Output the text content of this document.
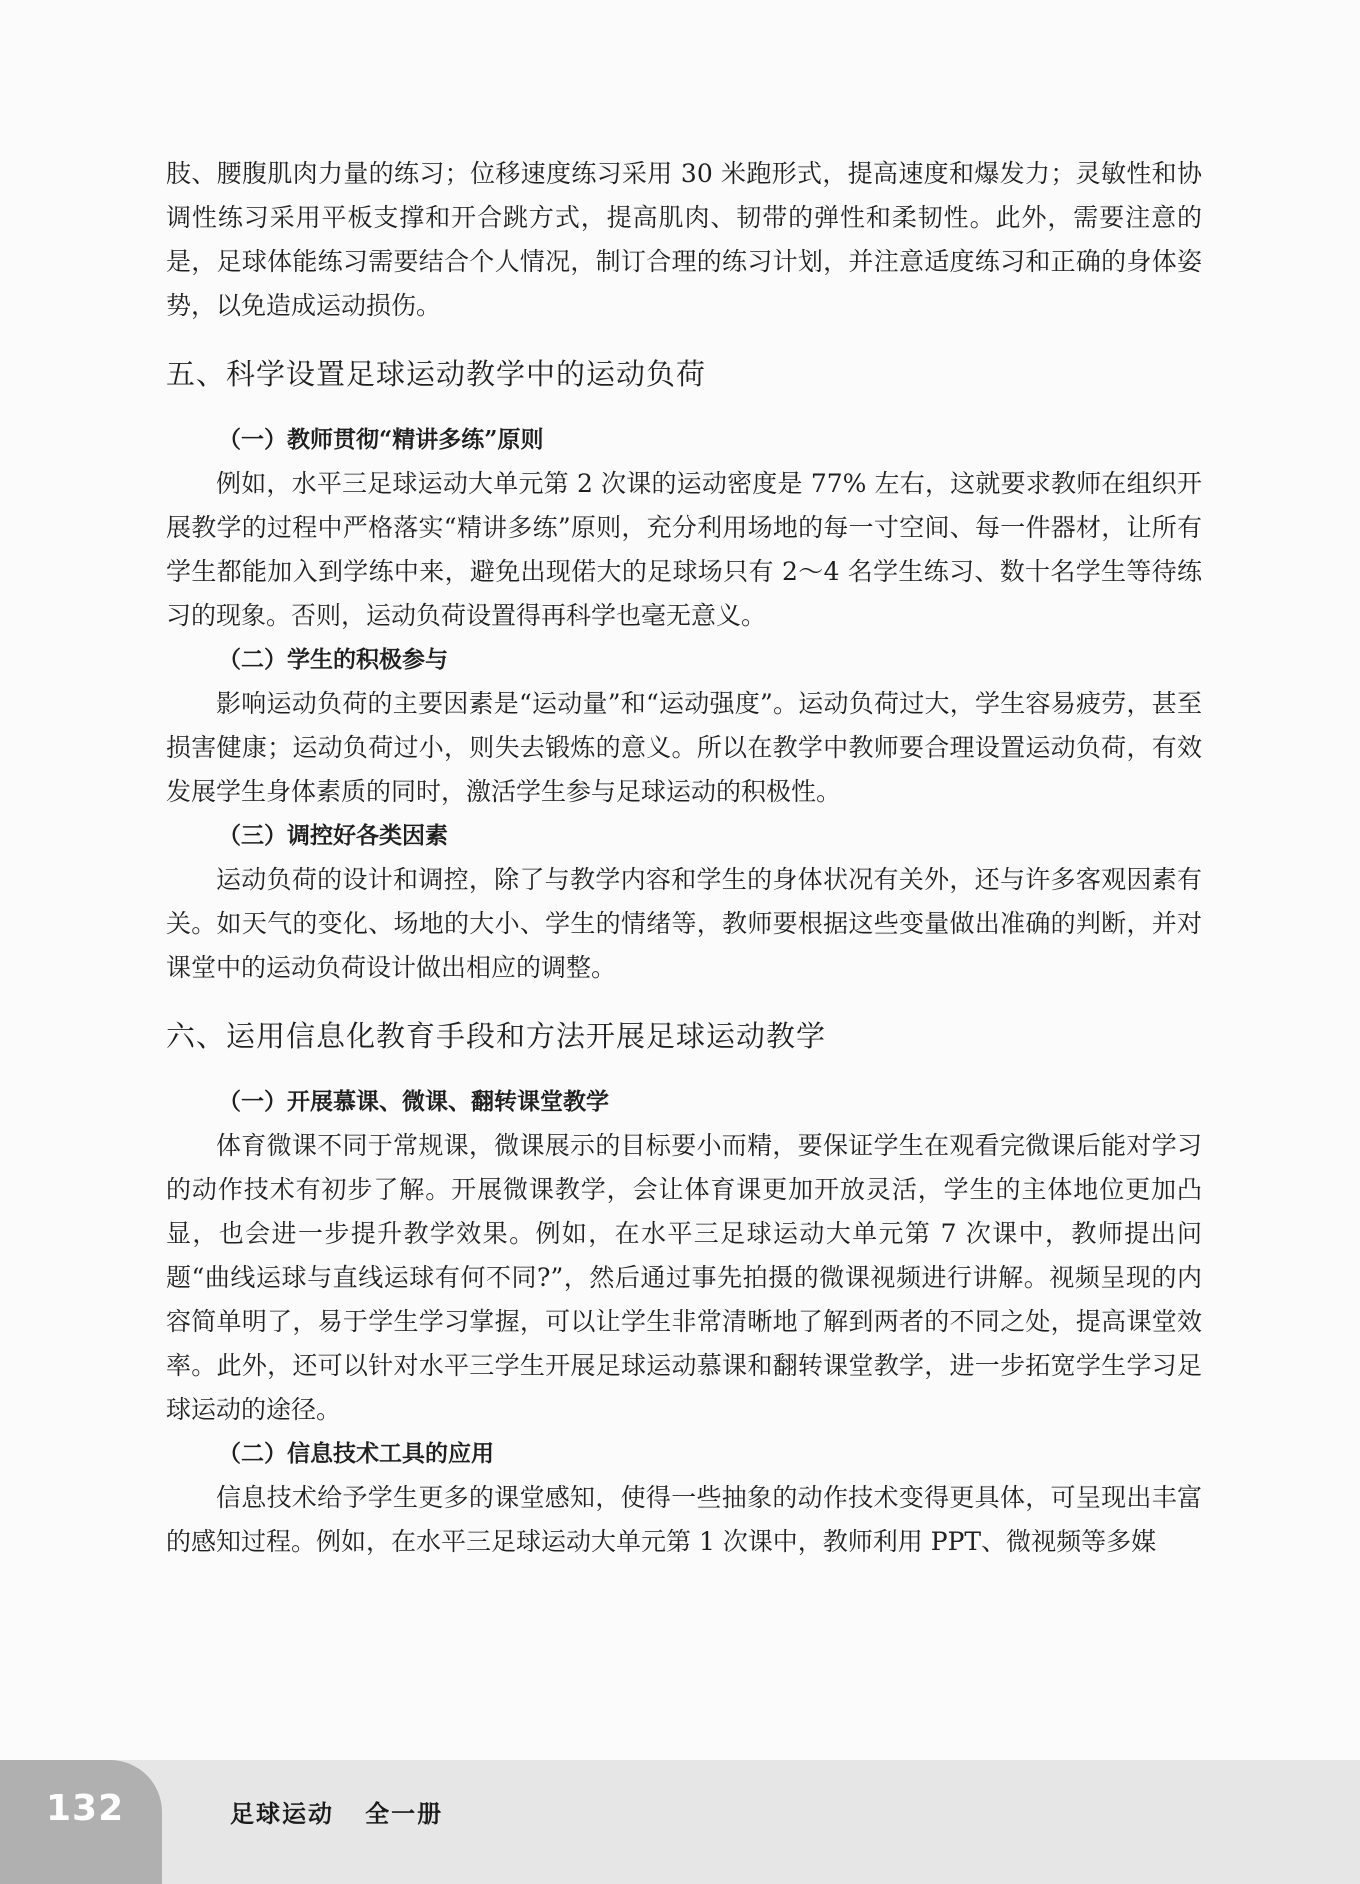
肢、腰腹肌肉力量的练习；位移速度练习采用 30 米跑形式，提高速度和爆发力；灵敏性和协调性练习采用平板支撑和开合跳方式，提高肌肉、韧带的弹性和柔韧性。此外，需要注意的是，足球体能练习需要结合个人情况，制订合理的练习计划，并注意适度练习和正确的身体姿势，以免造成运动损伤。

五、科学设置足球运动教学中的运动负荷
（一）教师贯彻“精讲多练”原则

例如，水平三足球运动大单元第 2 次课的运动密度是 77% 左右，这就要求教师在组织开展教学的过程中严格落实“精讲多练”原则，充分利用场地的每一寸空间、每一件器材，让所有学生都能加入到学练中来，避免出现偌大的足球场只有 2～4 名学生练习、数十名学生等待练习的现象。否则，运动负荷设置得再科学也毫无意义。

（二）学生的积极参与

影响运动负荷的主要因素是“运动量”和“运动强度”。运动负荷过大，学生容易疲劳，甚至损害健康；运动负荷过小，则失去锻炼的意义。所以在教学中教师要合理设置运动负荷，有效发展学生身体素质的同时，激活学生参与足球运动的积极性。

（三）调控好各类因素

运动负荷的设计和调控，除了与教学内容和学生的身体状况有关外，还与许多客观因素有关。如天气的变化、场地的大小、学生的情绪等，教师要根据这些变量做出准确的判断，并对课堂中的运动负荷设计做出相应的调整。

六、运用信息化教育手段和方法开展足球运动教学
（一）开展慕课、微课、翻转课堂教学

体育微课不同于常规课，微课展示的目标要小而精，要保证学生在观看完微课后能对学习的动作技术有初步了解。开展微课教学，会让体育课更加开放灵活，学生的主体地位更加凸显，也会进一步提升教学效果。例如，在水平三足球运动大单元第 7 次课中，教师提出问题“曲线运球与直线运球有何不同?”，然后通过事先拍摄的微课视频进行讲解。视频呈现的内容简单明了，易于学生学习掌握，可以让学生非常清晰地了解到两者的不同之处，提高课堂效率。此外，还可以针对水平三学生开展足球运动慕课和翻转课堂教学，进一步拓宽学生学习足球运动的途径。

（二）信息技术工具的应用

信息技术给予学生更多的课堂感知，使得一些抽象的动作技术变得更具体，可呈现出丰富的感知过程。例如，在水平三足球运动大单元第 1 次课中，教师利用 PPT、微视频等多媒

132	足球运动   全一册
